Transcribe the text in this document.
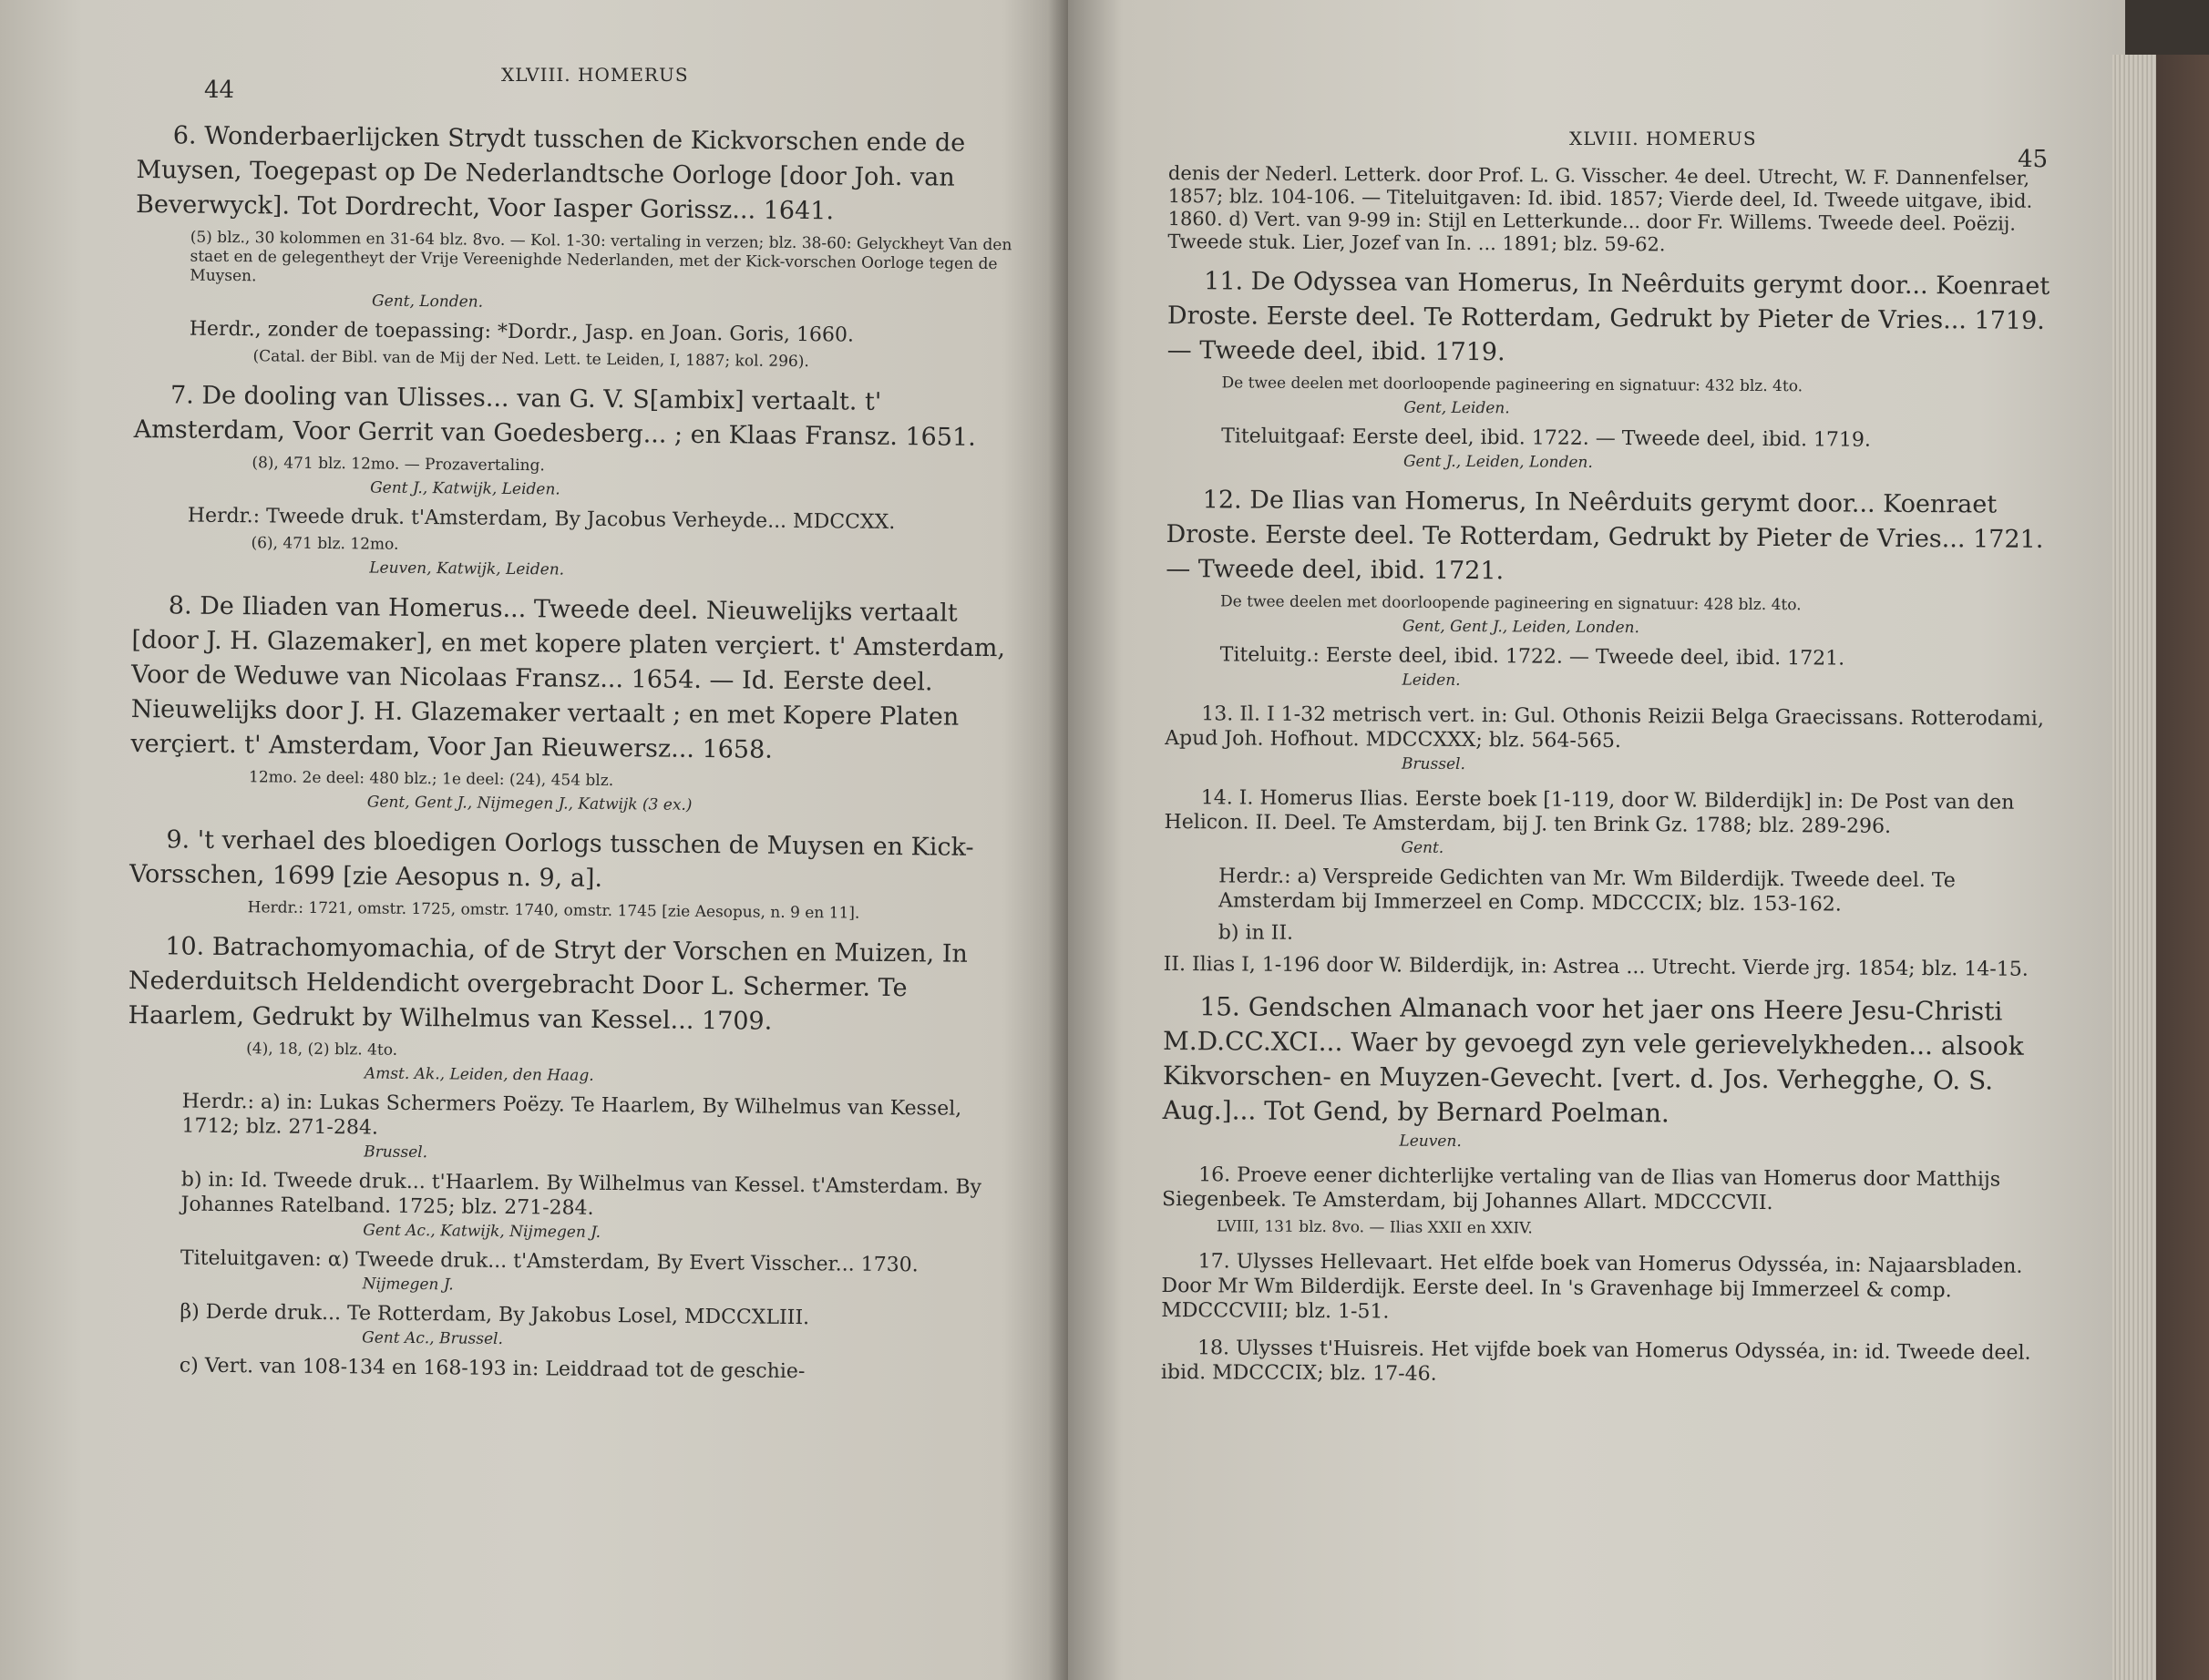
44
XLVIII. HOMERUS

6. Wonderbaerlijcken Strydt tusschen de Kickvorschen ende de Muysen, Toegepast op De Nederlandtsche Oorloge [door Joh. van Beverwyck]. Tot Dordrecht, Voor Iasper Gorissz... 1641.

(5) blz., 30 kolommen en 31-64 blz. 8vo. — Kol. 1-30: vertaling in verzen; blz. 38-60: Gelyckheyt Van den staet en de gelegentheyt der Vrije Vereenighde Nederlanden, met der Kick-vorschen Oorloge tegen de Muysen.

Gent, Londen.

Herdr., zonder de toepassing: *Dordr., Jasp. en Joan. Goris, 1660.

(Catal. der Bibl. van de Mij der Ned. Lett. te Leiden, I, 1887; kol. 296).

7. De dooling van Ulisses... van G. V. S[ambix] vertaalt. t' Amsterdam, Voor Gerrit van Goedesberg... ; en Klaas Fransz. 1651.

(8), 471 blz. 12mo. — Prozavertaling.

Gent J., Katwijk, Leiden.

Herdr.: Tweede druk. t'Amsterdam, By Jacobus Verheyde... MDCCXX.

(6), 471 blz. 12mo.

Leuven, Katwijk, Leiden.

8. De Iliaden van Homerus... Tweede deel. Nieuwelijks vertaalt [door J. H. Glazemaker], en met kopere platen verçiert. t' Amsterdam, Voor de Weduwe van Nicolaas Fransz... 1654. — Id. Eerste deel. Nieuwelijks door J. H. Glazemaker vertaalt ; en met Kopere Platen verçiert. t' Amsterdam, Voor Jan Rieuwersz... 1658.

12mo. 2e deel: 480 blz.; 1e deel: (24), 454 blz.

Gent, Gent J., Nijmegen J., Katwijk (3 ex.)

9. 't verhael des bloedigen Oorlogs tusschen de Muysen en Kick-Vorsschen, 1699 [zie Aesopus n. 9, a].

Herdr.: 1721, omstr. 1725, omstr. 1740, omstr. 1745 [zie Aesopus, n. 9 en 11].

10. Batrachomyomachia, of de Stryt der Vorschen en Muizen, In Nederduitsch Heldendicht overgebracht Door L. Schermer. Te Haarlem, Gedrukt by Wilhelmus van Kessel... 1709.

(4), 18, (2) blz. 4to.

Amst. Ak., Leiden, den Haag.

Herdr.: a) in: Lukas Schermers Poëzy. Te Haarlem, By Wilhelmus van Kessel, 1712; blz. 271-284.

Brussel.

b) in: Id. Tweede druk... t'Haarlem. By Wilhelmus van Kessel. t'Amsterdam. By Johannes Ratelband. 1725; blz. 271-284.

Gent Ac., Katwijk, Nijmegen J.

Titeluitgaven: α) Tweede druk... t'Amsterdam, By Evert Visscher... 1730.

Nijmegen J.

β) Derde druk... Te Rotterdam, By Jakobus Losel, MDCCXLIII.

Gent Ac., Brussel.

c) Vert. van 108-134 en 168-193 in: Leiddraad tot de geschie-

XLVIII. HOMERUS
45

denis der Nederl. Letterk. door Prof. L. G. Visscher. 4e deel. Utrecht, W. F. Dannenfelser, 1857; blz. 104-106. — Titeluitgaven: Id. ibid. 1857; Vierde deel, Id. Tweede uitgave, ibid. 1860. d) Vert. van 9-99 in: Stijl en Letterkunde... door Fr. Willems. Tweede deel. Poëzij. Tweede stuk. Lier, Jozef van In. ... 1891; blz. 59-62.

11. De Odyssea van Homerus, In Neêrduits gerymt door... Koenraet Droste. Eerste deel. Te Rotterdam, Gedrukt by Pieter de Vries... 1719. — Tweede deel, ibid. 1719.

De twee deelen met doorloopende pagineering en signatuur: 432 blz. 4to.

Gent, Leiden.

Titeluitgaaf: Eerste deel, ibid. 1722. — Tweede deel, ibid. 1719.

Gent J., Leiden, Londen.

12. De Ilias van Homerus, In Neêrduits gerymt door... Koenraet Droste. Eerste deel. Te Rotterdam, Gedrukt by Pieter de Vries... 1721. — Tweede deel, ibid. 1721.

De twee deelen met doorloopende pagineering en signatuur: 428 blz. 4to.

Gent, Gent J., Leiden, Londen.

Titeluitg.: Eerste deel, ibid. 1722. — Tweede deel, ibid. 1721.

Leiden.

13. Il. I 1-32 metrisch vert. in: Gul. Othonis Reizii Belga Graecissans. Rotterodami, Apud Joh. Hofhout. MDCCXXX; blz. 564-565.

Brussel.

14. I. Homerus Ilias. Eerste boek [1-119, door W. Bilderdijk] in: De Post van den Helicon. II. Deel. Te Amsterdam, bij J. ten Brink Gz. 1788; blz. 289-296.

Gent.

Herdr.: a) Verspreide Gedichten van Mr. Wm Bilderdijk. Tweede deel. Te Amsterdam bij Immerzeel en Comp. MDCCCIX; blz. 153-162.

b) in II.

II. Ilias I, 1-196 door W. Bilderdijk, in: Astrea ... Utrecht. Vierde jrg. 1854; blz. 14-15.

15. Gendschen Almanach voor het jaer ons Heere Jesu-Christi M.D.CC.XCI... Waer by gevoegd zyn vele gerievelykheden... alsook Kikvorschen- en Muyzen-Gevecht. [vert. d. Jos. Verhegghe, O. S. Aug.]... Tot Gend, by Bernard Poelman.

Leuven.

16. Proeve eener dichterlijke vertaling van de Ilias van Homerus door Matthijs Siegenbeek. Te Amsterdam, bij Johannes Allart. MDCCCVII.

LVIII, 131 blz. 8vo. — Ilias XXII en XXIV.

17. Ulysses Hellevaart. Het elfde boek van Homerus Odysséa, in: Najaarsbladen. Door Mr Wm Bilderdijk. Eerste deel. In 's Gravenhage bij Immerzeel & comp. MDCCCVIII; blz. 1-51.

18. Ulysses t'Huisreis. Het vijfde boek van Homerus Odysséa, in: id. Tweede deel. ibid. MDCCCIX; blz. 17-46.
